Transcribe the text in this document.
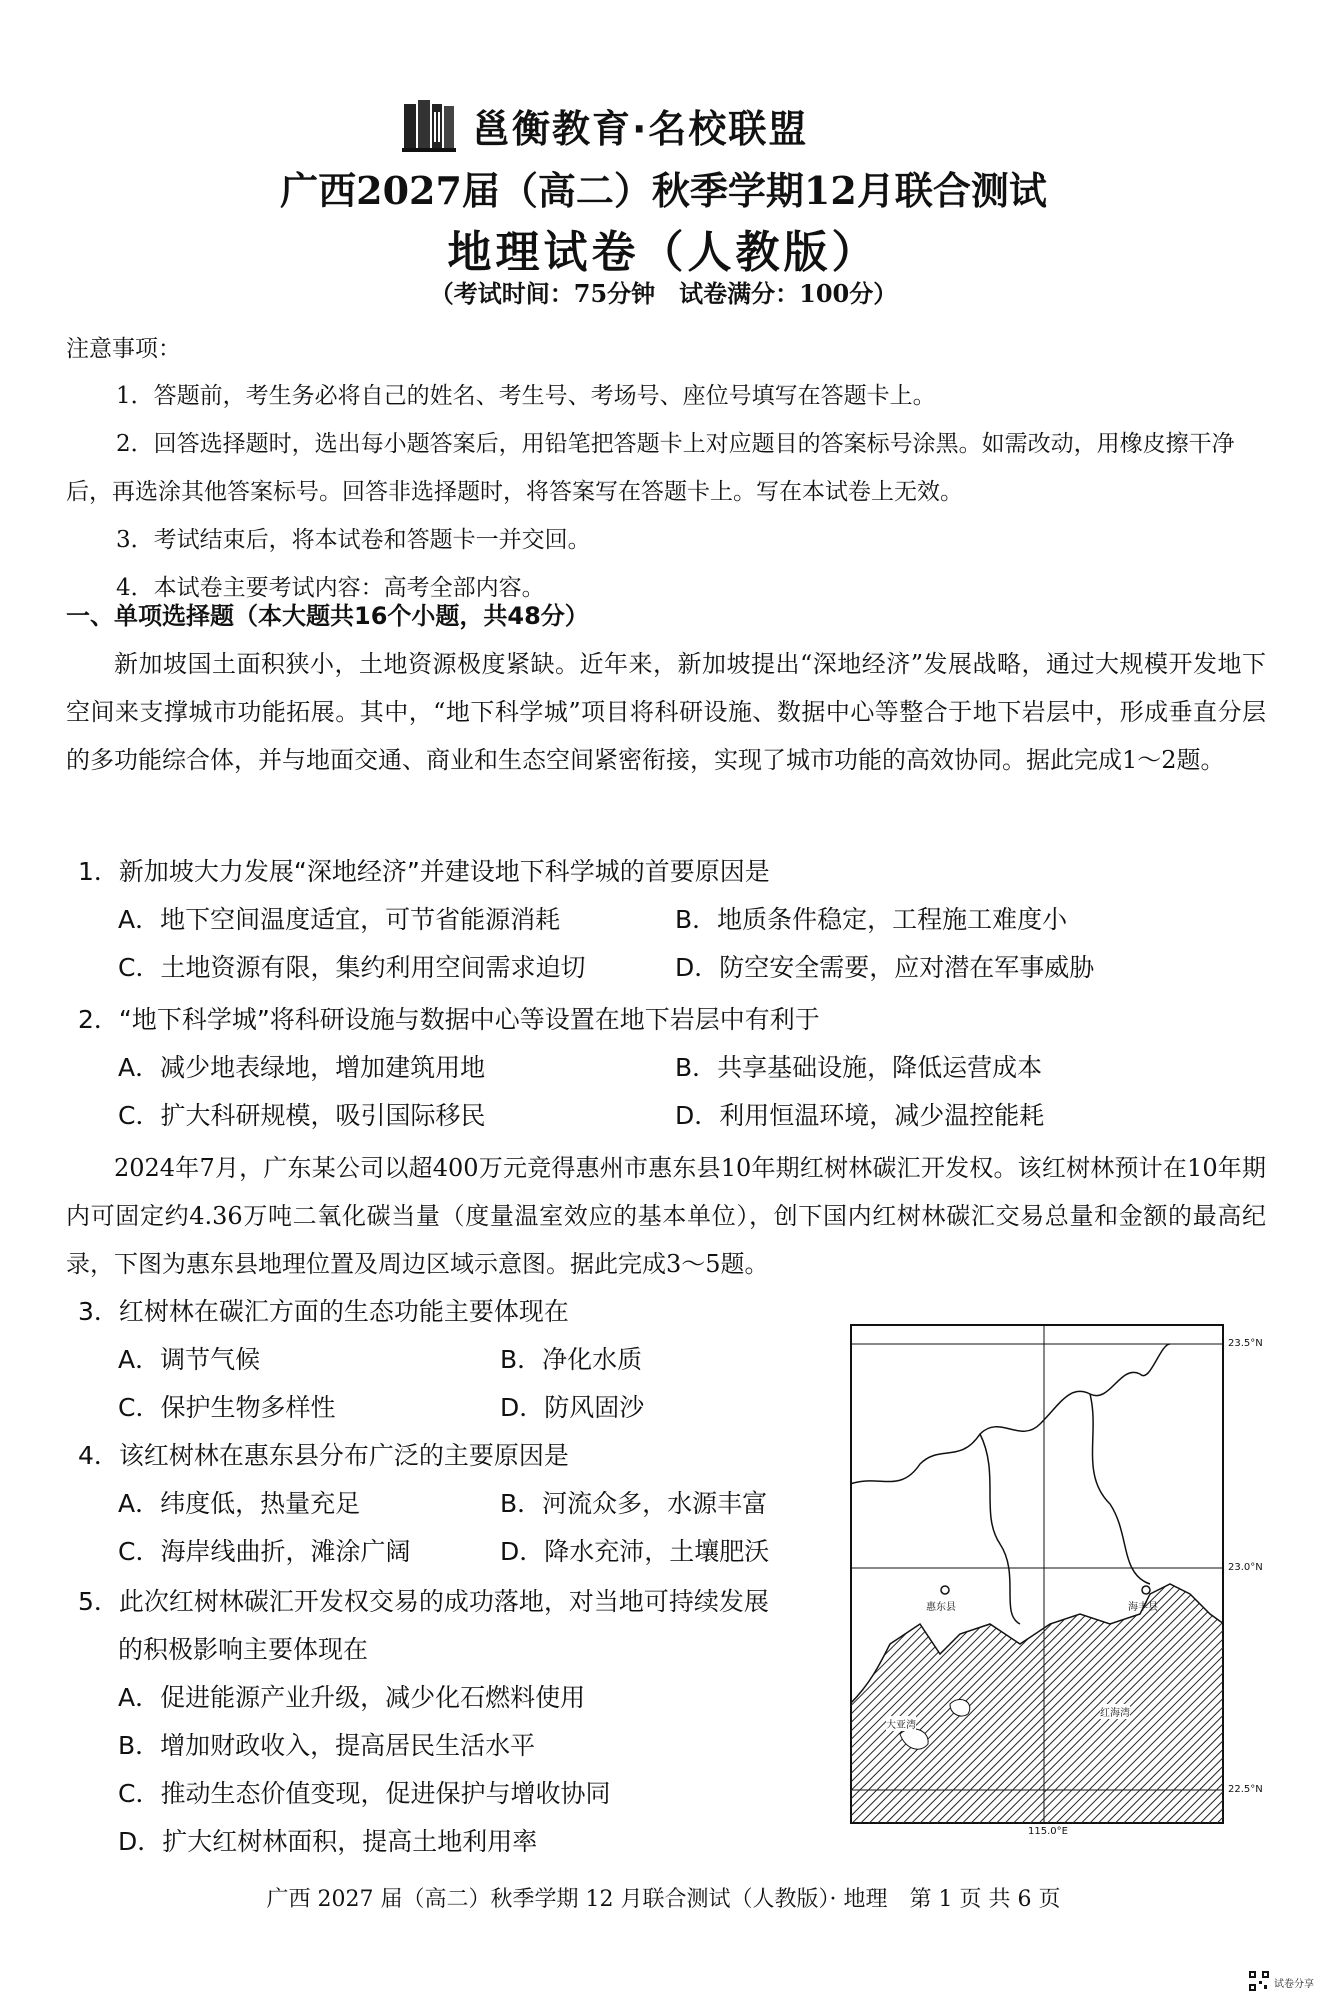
邕衡教育·名校联盟
广西2027届（高二）秋季学期12月联合测试
地理试卷（人教版）
（考试时间：75分钟　试卷满分：100分）
注意事项：

1．答题前，考生务必将自己的姓名、考生号、考场号、座位号填写在答题卡上。

2．回答选择题时，选出每小题答案后，用铅笔把答题卡上对应题目的答案标号涂黑。如需改动，用橡皮擦干净后，再选涂其他答案标号。回答非选择题时，将答案写在答题卡上。写在本试卷上无效。

3．考试结束后，将本试卷和答题卡一并交回。

4．本试卷主要考试内容：高考全部内容。

一、单项选择题（本大题共16个小题，共48分）
新加坡国土面积狭小，土地资源极度紧缺。近年来，新加坡提出“深地经济”发展战略，通过大规模开发地下空间来支撑城市功能拓展。其中，“地下科学城”项目将科研设施、数据中心等整合于地下岩层中，形成垂直分层的多功能综合体，并与地面交通、商业和生态空间紧密衔接，实现了城市功能的高效协同。据此完成1～2题。
1．新加坡大力发展“深地经济”并建设地下科学城的首要原因是
A．地下空间温度适宜，可节省能源消耗	B．地质条件稳定，工程施工难度小
C．土地资源有限，集约利用空间需求迫切	D．防空安全需要，应对潜在军事威胁
2．“地下科学城”将科研设施与数据中心等设置在地下岩层中有利于
A．减少地表绿地，增加建筑用地	B．共享基础设施，降低运营成本
C．扩大科研规模，吸引国际移民	D．利用恒温环境，减少温控能耗
2024年7月，广东某公司以超400万元竞得惠州市惠东县10年期红树林碳汇开发权。该红树林预计在10年期内可固定约4.36万吨二氧化碳当量（度量温室效应的基本单位），创下国内红树林碳汇交易总量和金额的最高纪录，下图为惠东县地理位置及周边区域示意图。据此完成3～5题。
3．红树林在碳汇方面的生态功能主要体现在
A．调节气候	B．净化水质
C．保护生物多样性	D．防风固沙
4．该红树林在惠东县分布广泛的主要原因是
A．纬度低，热量充足	B．河流众多，水源丰富
C．海岸线曲折，滩涂广阔	D．降水充沛，土壤肥沃
5．此次红树林碳汇开发权交易的成功落地，对当地可持续发展
的积极影响主要体现在
A．促进能源产业升级，减少化石燃料使用
B．增加财政收入，提高居民生活水平
C．推动生态价值变现，促进保护与增收协同
D．扩大红树林面积，提高土地利用率
23.5°N
23.0°N
22.5°N
115.0°E
惠东县	海丰县
大亚湾
红海湾
广西 2027 届（高二）秋季学期 12 月联合测试（人教版）· 地理　第 1 页 共 6 页
试卷分享
